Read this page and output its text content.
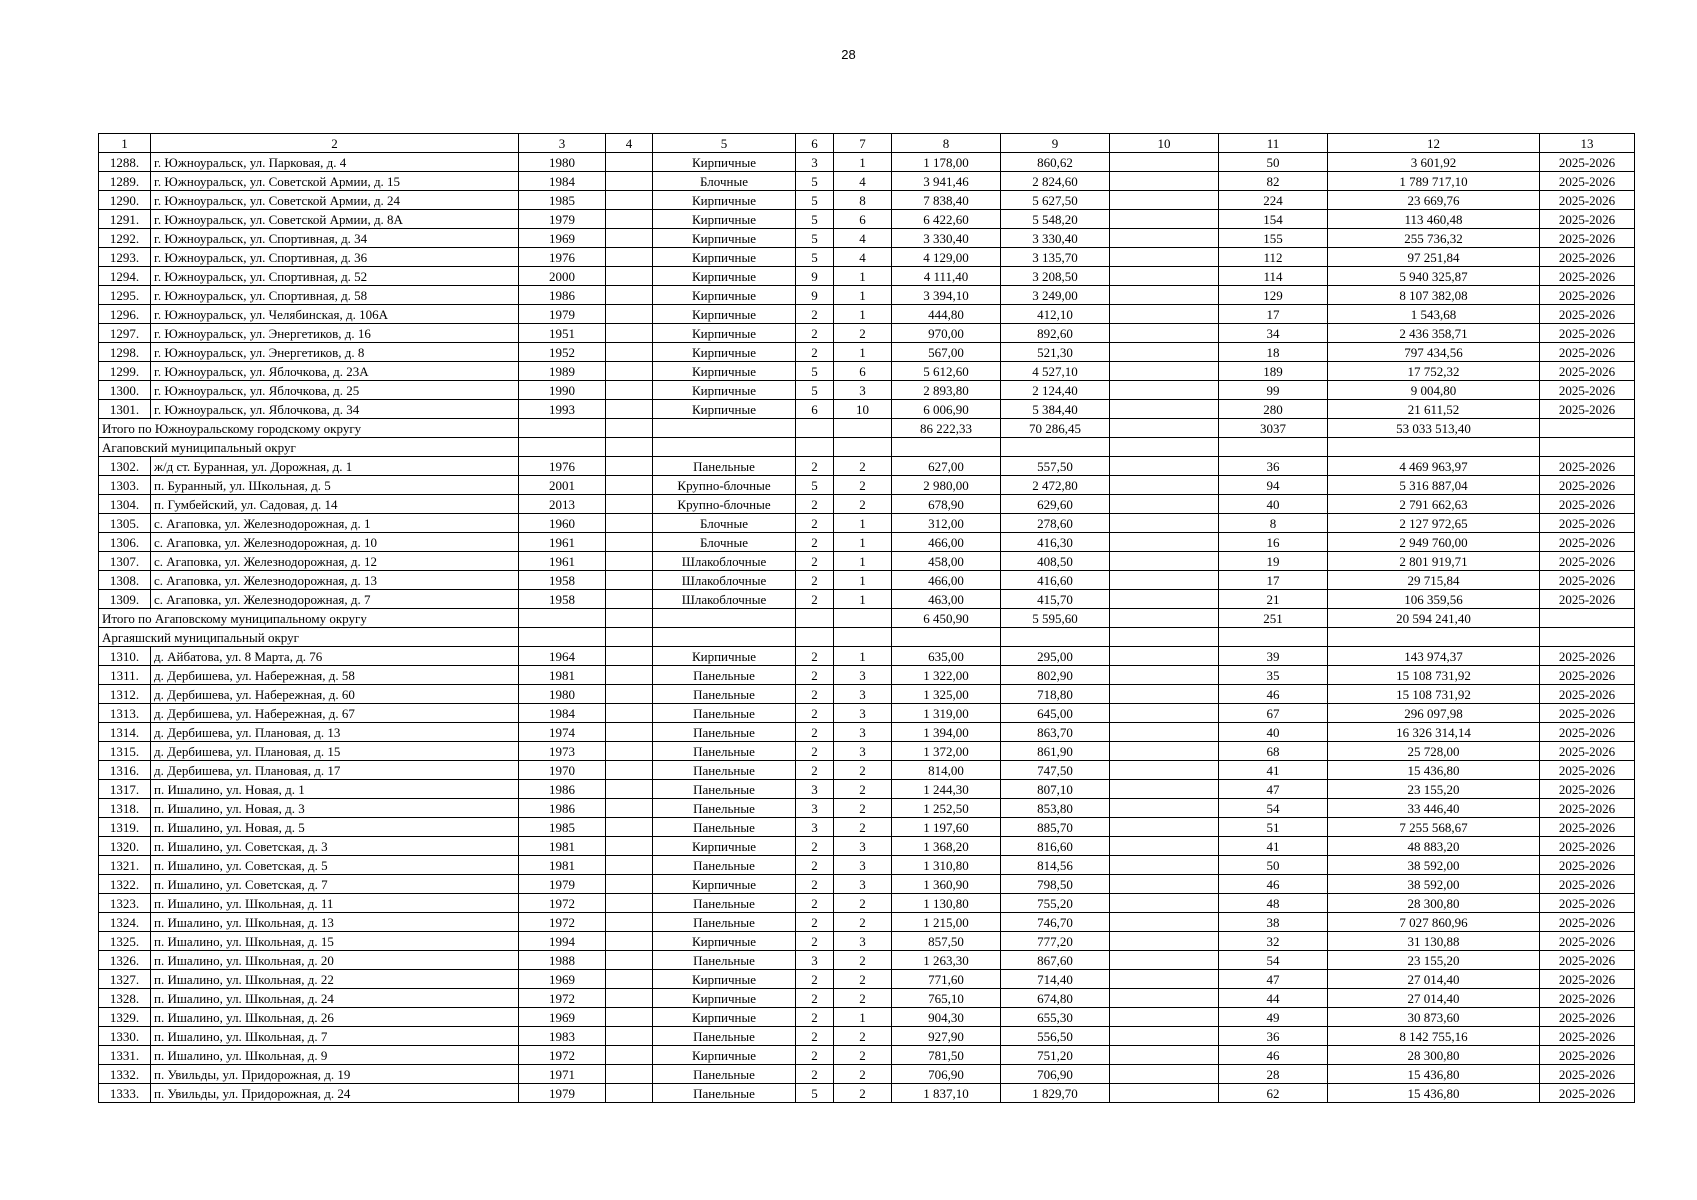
28
1	2	3	4	5	6	7	8	9	10	11	12	13
1288.	г. Южноуральск, ул. Парковая, д. 4	1980		Кирпичные	3	1	1 178,00	860,62		50	3 601,92	2025-2026
1289.	г. Южноуральск, ул. Советской Армии, д. 15	1984		Блочные	5	4	3 941,46	2 824,60		82	1 789 717,10	2025-2026
1290.	г. Южноуральск, ул. Советской Армии, д. 24	1985		Кирпичные	5	8	7 838,40	5 627,50		224	23 669,76	2025-2026
1291.	г. Южноуральск, ул. Советской Армии, д. 8А	1979		Кирпичные	5	6	6 422,60	5 548,20		154	113 460,48	2025-2026
1292.	г. Южноуральск, ул. Спортивная, д. 34	1969		Кирпичные	5	4	3 330,40	3 330,40		155	255 736,32	2025-2026
1293.	г. Южноуральск, ул. Спортивная, д. 36	1976		Кирпичные	5	4	4 129,00	3 135,70		112	97 251,84	2025-2026
1294.	г. Южноуральск, ул. Спортивная, д. 52	2000		Кирпичные	9	1	4 111,40	3 208,50		114	5 940 325,87	2025-2026
1295.	г. Южноуральск, ул. Спортивная, д. 58	1986		Кирпичные	9	1	3 394,10	3 249,00		129	8 107 382,08	2025-2026
1296.	г. Южноуральск, ул. Челябинская, д. 106А	1979		Кирпичные	2	1	444,80	412,10		17	1 543,68	2025-2026
1297.	г. Южноуральск, ул. Энергетиков, д. 16	1951		Кирпичные	2	2	970,00	892,60		34	2 436 358,71	2025-2026
1298.	г. Южноуральск, ул. Энергетиков, д. 8	1952		Кирпичные	2	1	567,00	521,30		18	797 434,56	2025-2026
1299.	г. Южноуральск, ул. Яблочкова, д. 23А	1989		Кирпичные	5	6	5 612,60	4 527,10		189	17 752,32	2025-2026
1300.	г. Южноуральск, ул. Яблочкова, д. 25	1990		Кирпичные	5	3	2 893,80	2 124,40		99	9 004,80	2025-2026
1301.	г. Южноуральск, ул. Яблочкова, д. 34	1993		Кирпичные	6	10	6 006,90	5 384,40		280	21 611,52	2025-2026
Итого по Южноуральскому городскому округу							86 222,33	70 286,45		3037	53 033 513,40	
Агаповский муниципальный округ												
1302.	ж/д ст. Буранная, ул. Дорожная, д. 1	1976		Панельные	2	2	627,00	557,50		36	4 469 963,97	2025-2026
1303.	п. Буранный, ул. Школьная, д. 5	2001		Крупно-блочные	5	2	2 980,00	2 472,80		94	5 316 887,04	2025-2026
1304.	п. Гумбейский, ул. Садовая, д. 14	2013		Крупно-блочные	2	2	678,90	629,60		40	2 791 662,63	2025-2026
1305.	с. Агаповка, ул. Железнодорожная, д. 1	1960		Блочные	2	1	312,00	278,60		8	2 127 972,65	2025-2026
1306.	с. Агаповка, ул. Железнодорожная, д. 10	1961		Блочные	2	1	466,00	416,30		16	2 949 760,00	2025-2026
1307.	с. Агаповка, ул. Железнодорожная, д. 12	1961		Шлакоблочные	2	1	458,00	408,50		19	2 801 919,71	2025-2026
1308.	с. Агаповка, ул. Железнодорожная, д. 13	1958		Шлакоблочные	2	1	466,00	416,60		17	29 715,84	2025-2026
1309.	с. Агаповка, ул. Железнодорожная, д. 7	1958		Шлакоблочные	2	1	463,00	415,70		21	106 359,56	2025-2026
Итого по Агаповскому муниципальному округу							6 450,90	5 595,60		251	20 594 241,40	
Аргаяшский муниципальный округ												
1310.	д. Айбатова, ул. 8 Марта, д. 76	1964		Кирпичные	2	1	635,00	295,00		39	143 974,37	2025-2026
1311.	д. Дербишева, ул. Набережная, д. 58	1981		Панельные	2	3	1 322,00	802,90		35	15 108 731,92	2025-2026
1312.	д. Дербишева, ул. Набережная, д. 60	1980		Панельные	2	3	1 325,00	718,80		46	15 108 731,92	2025-2026
1313.	д. Дербишева, ул. Набережная, д. 67	1984		Панельные	2	3	1 319,00	645,00		67	296 097,98	2025-2026
1314.	д. Дербишева, ул. Плановая, д. 13	1974		Панельные	2	3	1 394,00	863,70		40	16 326 314,14	2025-2026
1315.	д. Дербишева, ул. Плановая, д. 15	1973		Панельные	2	3	1 372,00	861,90		68	25 728,00	2025-2026
1316.	д. Дербишева, ул. Плановая, д. 17	1970		Панельные	2	2	814,00	747,50		41	15 436,80	2025-2026
1317.	п. Ишалино, ул. Новая, д. 1	1986		Панельные	3	2	1 244,30	807,10		47	23 155,20	2025-2026
1318.	п. Ишалино, ул. Новая, д. 3	1986		Панельные	3	2	1 252,50	853,80		54	33 446,40	2025-2026
1319.	п. Ишалино, ул. Новая, д. 5	1985		Панельные	3	2	1 197,60	885,70		51	7 255 568,67	2025-2026
1320.	п. Ишалино, ул. Советская, д. 3	1981		Кирпичные	2	3	1 368,20	816,60		41	48 883,20	2025-2026
1321.	п. Ишалино, ул. Советская, д. 5	1981		Панельные	2	3	1 310,80	814,56		50	38 592,00	2025-2026
1322.	п. Ишалино, ул. Советская, д. 7	1979		Кирпичные	2	3	1 360,90	798,50		46	38 592,00	2025-2026
1323.	п. Ишалино, ул. Школьная, д. 11	1972		Панельные	2	2	1 130,80	755,20		48	28 300,80	2025-2026
1324.	п. Ишалино, ул. Школьная, д. 13	1972		Панельные	2	2	1 215,00	746,70		38	7 027 860,96	2025-2026
1325.	п. Ишалино, ул. Школьная, д. 15	1994		Кирпичные	2	3	857,50	777,20		32	31 130,88	2025-2026
1326.	п. Ишалино, ул. Школьная, д. 20	1988		Панельные	3	2	1 263,30	867,60		54	23 155,20	2025-2026
1327.	п. Ишалино, ул. Школьная, д. 22	1969		Кирпичные	2	2	771,60	714,40		47	27 014,40	2025-2026
1328.	п. Ишалино, ул. Школьная, д. 24	1972		Кирпичные	2	2	765,10	674,80		44	27 014,40	2025-2026
1329.	п. Ишалино, ул. Школьная, д. 26	1969		Кирпичные	2	1	904,30	655,30		49	30 873,60	2025-2026
1330.	п. Ишалино, ул. Школьная, д. 7	1983		Панельные	2	2	927,90	556,50		36	8 142 755,16	2025-2026
1331.	п. Ишалино, ул. Школьная, д. 9	1972		Кирпичные	2	2	781,50	751,20		46	28 300,80	2025-2026
1332.	п. Увильды, ул. Придорожная, д. 19	1971		Панельные	2	2	706,90	706,90		28	15 436,80	2025-2026
1333.	п. Увильды, ул. Придорожная, д. 24	1979		Панельные	5	2	1 837,10	1 829,70		62	15 436,80	2025-2026
